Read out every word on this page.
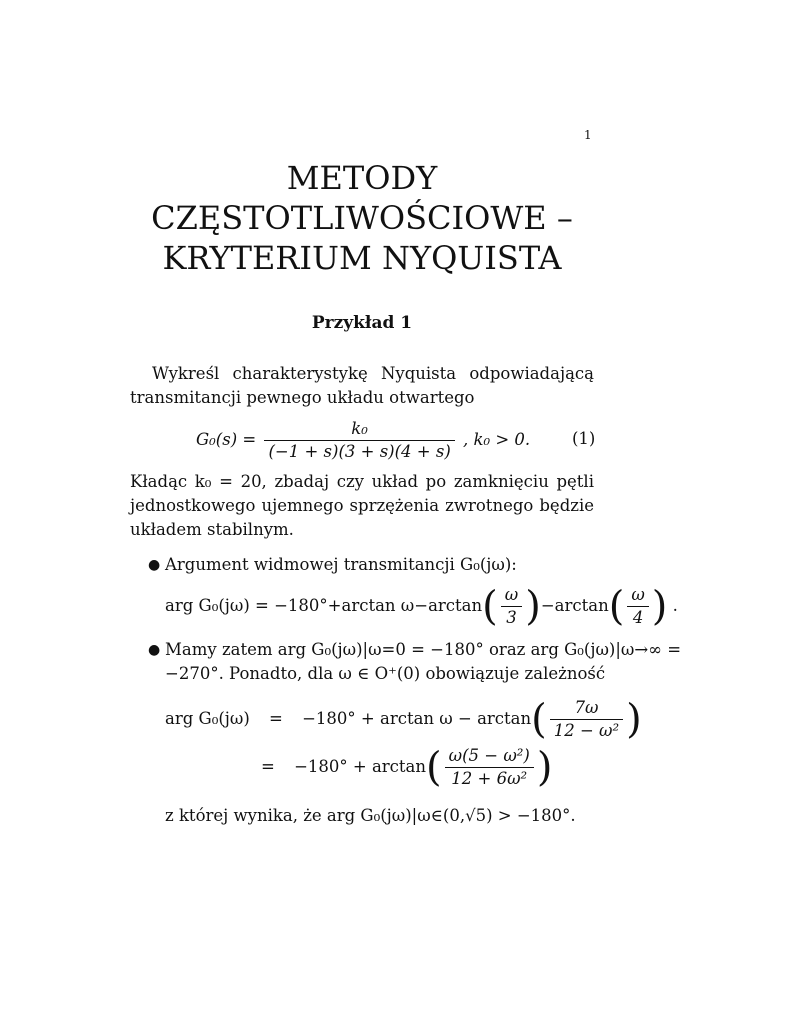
1
METODY
CZĘSTOTLIWOŚCIOWE –
KRYTERIUM NYQUISTA
Przykład 1
Wykreśl charakterystykę Nyquista odpowiadającą transmitancji pewnego układu otwartego
$G_0(s) = \frac{\text{k₀}}{(-1 + s)(3 + s)(4 + s)}$ , k₀ > 0.	(1)
Kładąc k₀ = 20, zbadaj czy układ po zamknięciu pętli jednostkowego ujemnego sprzężenia zwrotnego będzie układem stabilnym.
● Argument widmowej transmitancji G₀(jω):
arg G₀(jω) = −180°+arctan $\omega-\arctan( \frac{\omega}{3} )-\arctan( \frac{\omega}{4}$ ) .
● Mamy zatem arg G₀(jω)|ω=0 = −180° oraz arg G₀(jω)|ω→∞ =
−270°. Ponadto, dla ω ∈ O⁺(0) obowiązuje zależność
arg $G_0(j\omega) = -180^\circ + \arctan \omega - \arctan( \frac{7\omega}{\text{12 − ω²}}$ )
= $-180^\circ + \arctan( \frac{\text{ω(5 − ω²)}}{\text{12 + 6ω²}}$ )
z której wynika, że arg G₀(jω)|ω∈(0,√5) > −180°.
